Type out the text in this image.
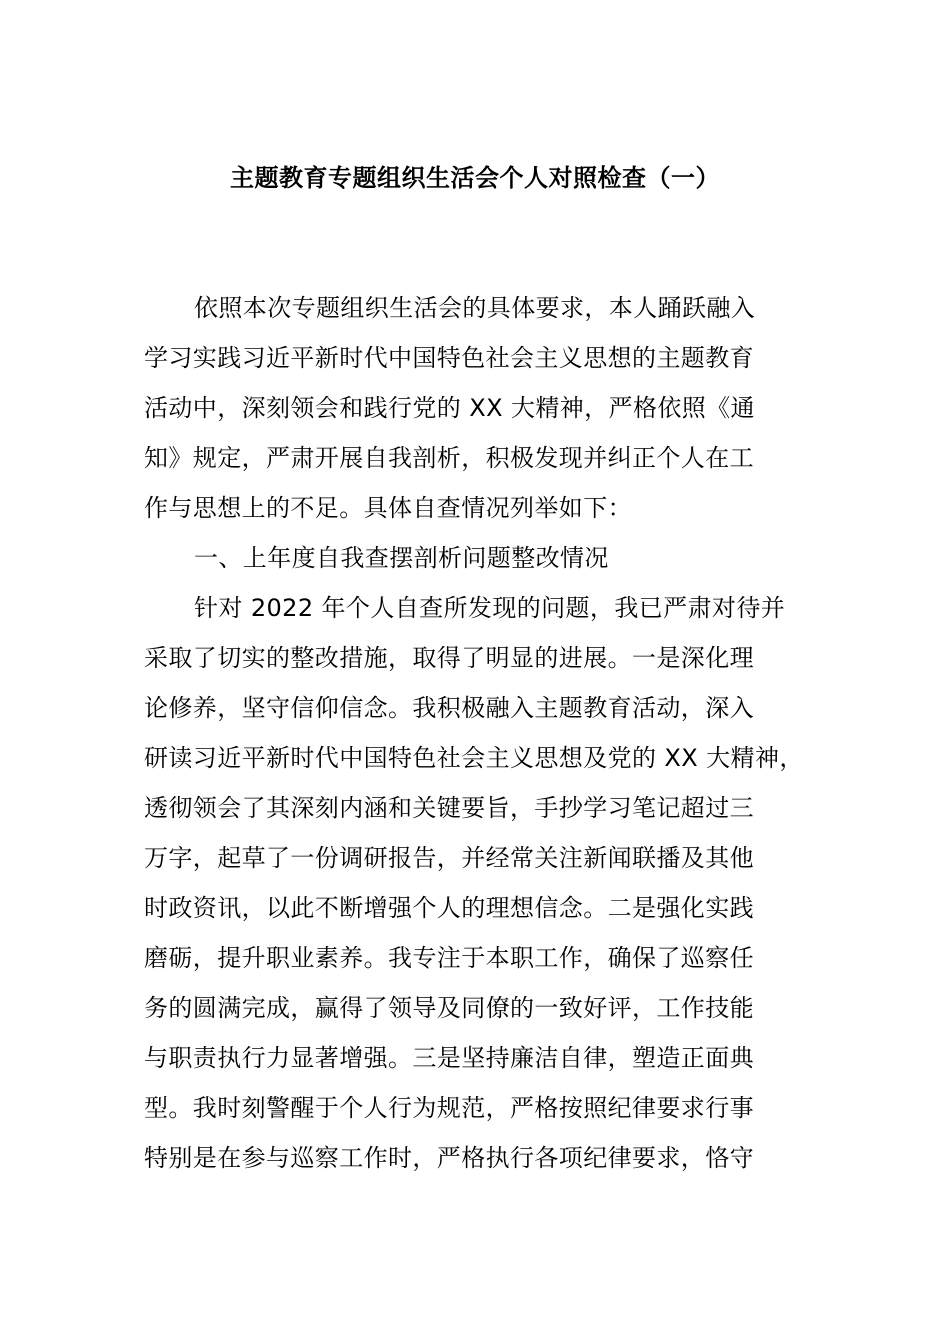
主题教育专题组织生活会个人对照检查（一）
依照本次专题组织生活会的具体要求，本人踊跃融入
学习实践习近平新时代中国特色社会主义思想的主题教育
活动中，深刻领会和践行党的 XX 大精神，严格依照《通
知》规定，严肃开展自我剖析，积极发现并纠正个人在工
作与思想上的不足。具体自查情况列举如下：
一、上年度自我查摆剖析问题整改情况
针对 2022 年个人自查所发现的问题，我已严肃对待并
采取了切实的整改措施，取得了明显的进展。一是深化理
论修养，坚守信仰信念。我积极融入主题教育活动，深入
研读习近平新时代中国特色社会主义思想及党的 XX 大精神，
透彻领会了其深刻内涵和关键要旨，手抄学习笔记超过三
万字，起草了一份调研报告，并经常关注新闻联播及其他
时政资讯，以此不断增强个人的理想信念。二是强化实践
磨砺，提升职业素养。我专注于本职工作，确保了巡察任
务的圆满完成，赢得了领导及同僚的一致好评，工作技能
与职责执行力显著增强。三是坚持廉洁自律，塑造正面典
型。我时刻警醒于个人行为规范，严格按照纪律要求行事
特别是在参与巡察工作时，严格执行各项纪律要求，恪守
